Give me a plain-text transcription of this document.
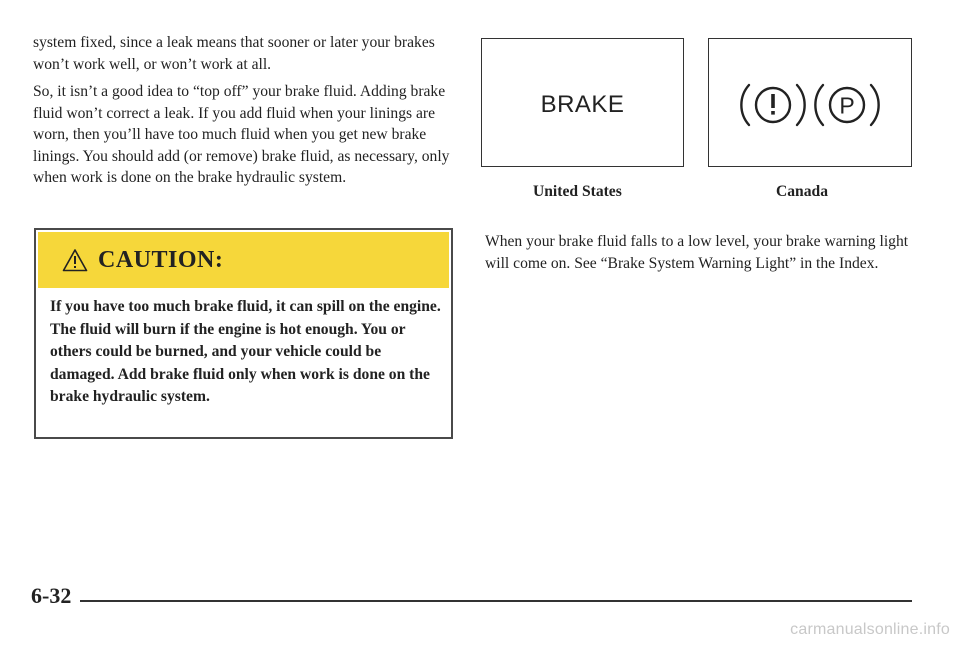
system fixed, since a leak means that sooner or later your brakes won’t work well, or won’t work at all.

So, it isn’t a good idea to “top off” your brake fluid. Adding brake fluid won’t correct a leak. If you add fluid when your linings are worn, then you’ll have too much fluid when you get new brake linings. You should add (or remove) brake fluid, as necessary, only when work is done on the brake hydraulic system.

CAUTION:

If you have too much brake fluid, it can spill on the engine. The fluid will burn if the engine is hot enough. You or others could be burned, and your vehicle could be damaged. Add brake fluid only when work is done on the brake hydraulic system.

BRAKE	P
United States	Canada

When your brake fluid falls to a low level, your brake warning light will come on. See “Brake System Warning Light” in the Index.

6-32
carmanualsonline.info
